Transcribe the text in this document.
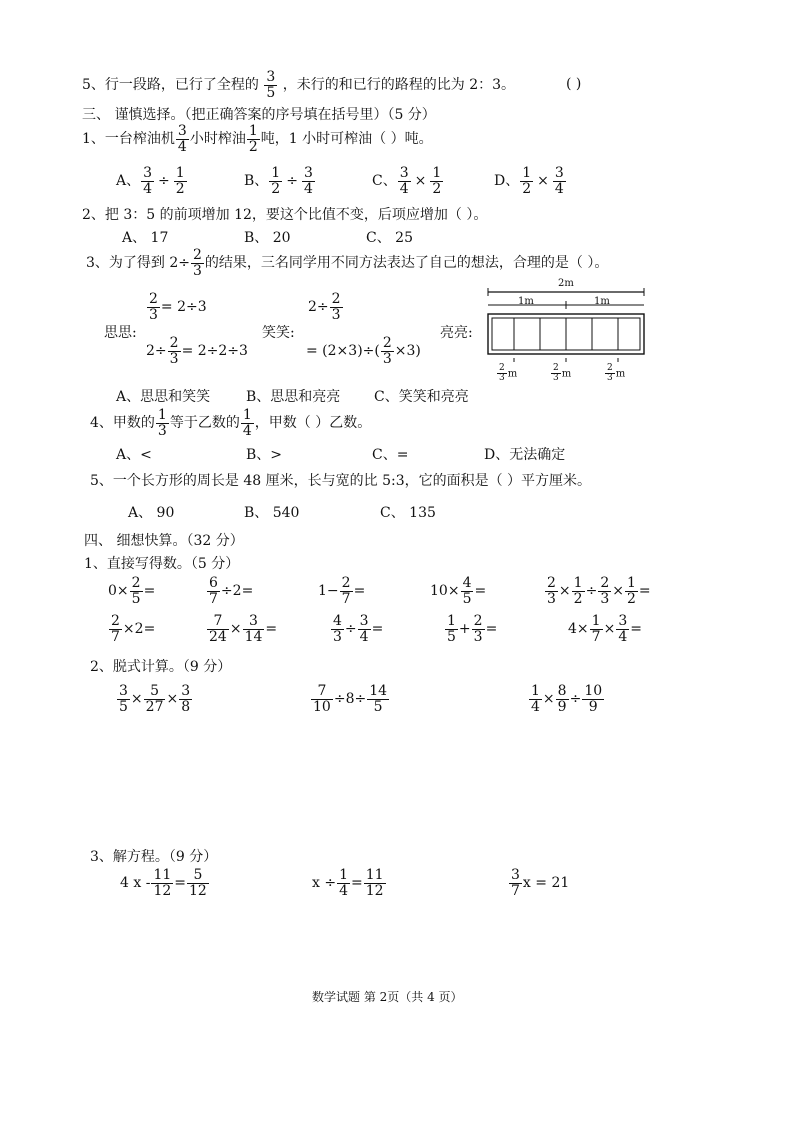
5、行一段路，已行了全程的 $\frac{3}{5}$ ，未行的和已行的路程的比为 2：3。	( )
三、 谨慎选择。（把正确答案的序号填在括号里）（5 分）
1、一台榨油机 $\frac{3}{4}$ 小时榨油 $\frac{1}{2}$ 吨，1 小时可榨油（ ）吨。
A、 $\frac{3}{4} \div \frac{1}{2}$	B、 $\frac{1}{2} \div \frac{3}{4}$	C、 $\frac{3}{4} \times \frac{1}{2}$	D、 $\frac{1}{2} \times \frac{3}{4}$
2、把 3：5 的前项增加 12，要这个比值不变，后项应增加（ ）。
A、 17	B、 20	C、 25
3、为了得到 $2\div \frac{2}{3}$ 的结果，三名同学用不同方法表达了自己的想法，合理的是（ ）。
思思:
$\frac{2}{3} = 2\div 3$
$2\div \frac{2}{3} = 2\div 2\div 3$
笑笑:
$2\div \frac{2}{3}$
= $(2\times 3)\div( \frac{2}{3} \times 3)$
亮亮:
2m
1m	1m
$\frac{2}{3}$ m	$\frac{2}{3}$ m	$\frac{2}{3}$ m
A、思思和笑笑	B、思思和亮亮 C、笑笑和亮亮
4、甲数的 $\frac{1}{3}$ 等于乙数的 $\frac{1}{4}$ ，甲数（ ）乙数。
A、<	B、>	C、=	D、无法确定
5、一个长方形的周长是 48 厘米，长与宽的比 5:3，它的面积是（ ）平方厘米。
A、 90	B、 540	C、 135
四、 细想快算。（32 分）
1、直接写得数。（5 分）
$0\times \frac{2}{5}$ =	$\frac{6}{7} \div 2=$	$1- \frac{2}{7}$ =	$10\times \frac{4}{5}$ =	$\frac{2}{3} \times \frac{1}{2} \div \frac{2}{3} \times \frac{1}{2}$ =
$\frac{2}{7} \times 2=$	$\frac{7}{24} \times \frac{3}{14}$ =	$\frac{4}{3} \div \frac{3}{4}$ =	$\frac{1}{5} + \frac{2}{3}$ =	$4\times \frac{1}{7} \times \frac{3}{4}$ =
2、脱式计算。（9 分）
$\frac{3}{5} \times \frac{5}{27} \times \frac{3}{8}$	$\frac{7}{10} \div 8\div \frac{14}{5}$	$\frac{1}{4} \times \frac{8}{9} \div \frac{10}{9}$
3、解方程。（9 分）
4 $x - \frac{11}{12} = \frac{5}{12}$	$x \div \frac{1}{4} = \frac{11}{12}$	$\frac{3}{7}$ x = 21
数学试题 第 2页（共 4 页）
